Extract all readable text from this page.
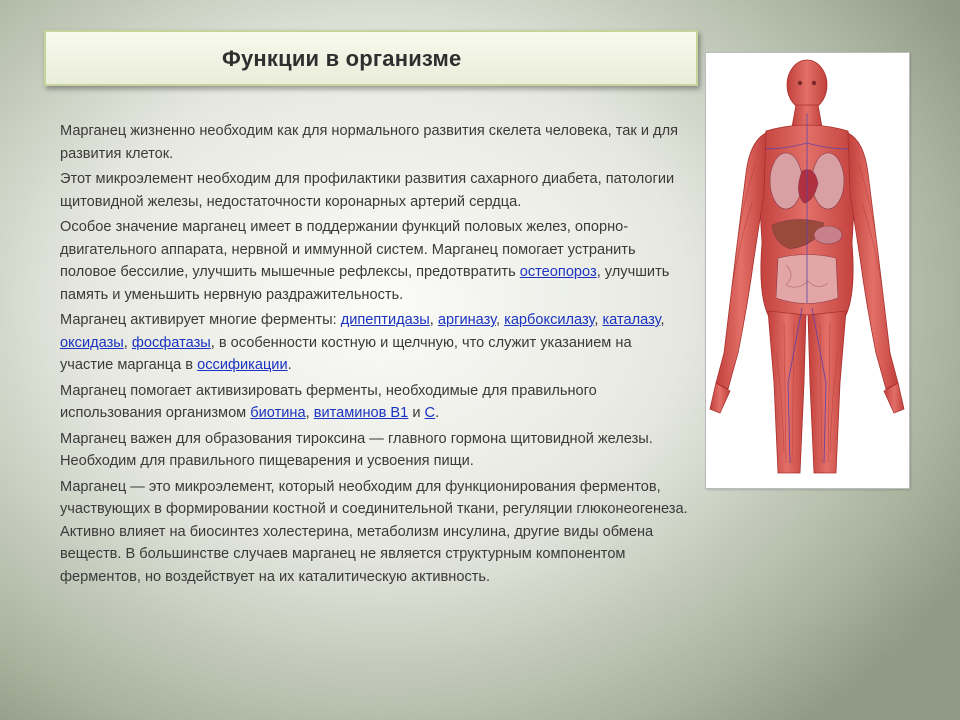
Функции в организме

Марганец жизненно необходим как для нормального развития скелета человека, так и для развития клеток.

Этот микроэлемент необходим для профилактики развития сахарного диабета, патологии щитовидной железы, недостаточности коронарных артерий сердца.

Особое значение марганец имеет в поддержании функций половых желез, опорно-двигательного аппарата, нервной и иммунной систем. Марганец помогает устранить половое бессилие, улучшить мышечные рефлексы, предотвратить остеопороз, улучшить память и уменьшить нервную раздражительность.

Марганец активирует многие ферменты: дипептидазы, аргиназу, карбоксилазу, каталазу, оксидазы, фосфатазы, в особенности костную и щелчную, что служит указанием на участие марганца в оссификации.

Марганец помогает активизировать ферменты, необходимые для правильного использования организмом биотина, витаминов B1 и C.

Марганец важен для образования тироксина — главного гормона щитовидной железы. Необходим для правильного пищеварения и усвоения пищи.

Марганец — это микроэлемент, который необходим для функционирования ферментов, участвующих в формировании костной и соединительной ткани, регуляции глюконеогенеза. Активно влияет на биосинтез холестерина, метаболизм инсулина, другие виды обмена веществ. В большинстве случаев марганец не является структурным компонентом ферментов, но воздействует на их каталитическую активность.
